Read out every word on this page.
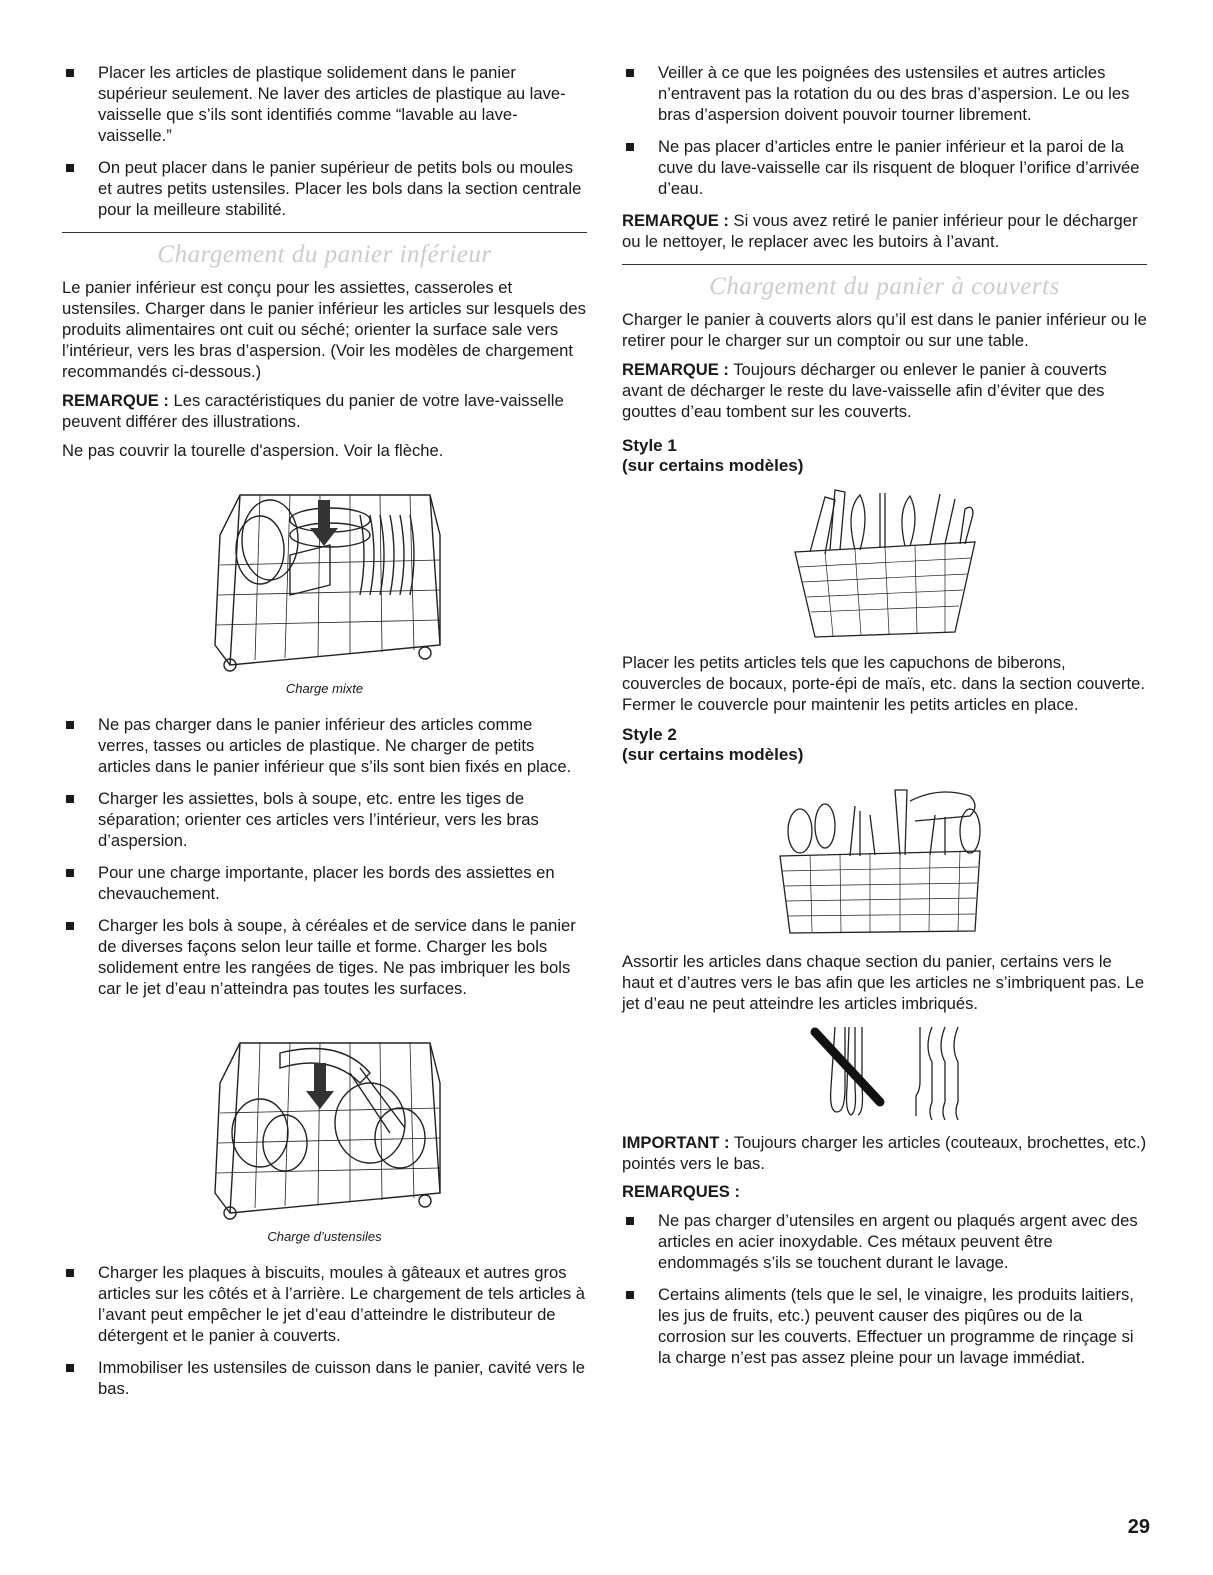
Placer les articles de plastique solidement dans le panier supérieur seulement. Ne laver des articles de plastique au lave-vaisselle que s’ils sont identifiés comme “lavable au lave-vaisselle.”
On peut placer dans le panier supérieur de petits bols ou moules et autres petits ustensiles. Placer les bols dans la section centrale pour la meilleure stabilité.
Chargement du panier inférieur

Le panier inférieur est conçu pour les assiettes, casseroles et ustensiles. Charger dans le panier inférieur les articles sur lesquels des produits alimentaires ont cuit ou séché; orienter la surface sale vers l’intérieur, vers les bras d’aspersion. (Voir les modèles de chargement recommandés ci-dessous.)

REMARQUE : Les caractéristiques du panier de votre lave-vaisselle peuvent différer des illustrations.

Ne pas couvrir la tourelle d'aspersion. Voir la flèche.

Charge mixte
Ne pas charger dans le panier inférieur des articles comme verres, tasses ou articles de plastique. Ne charger de petits articles dans le panier inférieur que s’ils sont bien fixés en place.
Charger les assiettes, bols à soupe, etc. entre les tiges de séparation; orienter ces articles vers l’intérieur, vers les bras d’aspersion.
Pour une charge importante, placer les bords des assiettes en chevauchement.
Charger les bols à soupe, à céréales et de service dans le panier de diverses façons selon leur taille et forme. Charger les bols solidement entre les rangées de tiges. Ne pas imbriquer les bols car le jet d’eau n’atteindra pas toutes les surfaces.
Charge d’ustensiles
Charger les plaques à biscuits, moules à gâteaux et autres gros articles sur les côtés et à l’arrière. Le chargement de tels articles à l’avant peut empêcher le jet d’eau d’atteindre le distributeur de détergent et le panier à couverts.
Immobiliser les ustensiles de cuisson dans le panier, cavité vers le bas.
Veiller à ce que les poignées des ustensiles et autres articles n’entravent pas la rotation du ou des bras d’aspersion. Le ou les bras d’aspersion doivent pouvoir tourner librement.
Ne pas placer d’articles entre le panier inférieur et la paroi de la cuve du lave-vaisselle car ils risquent de bloquer l’orifice d’arrivée d’eau.

REMARQUE : Si vous avez retiré le panier inférieur pour le décharger ou le nettoyer, le replacer avec les butoirs à l’avant.

Chargement du panier à couverts

Charger le panier à couverts alors qu’il est dans le panier inférieur ou le retirer pour le charger sur un comptoir ou sur une table.

REMARQUE : Toujours décharger ou enlever le panier à couverts avant de décharger le reste du lave-vaisselle afin d’éviter que des gouttes d’eau tombent sur les couverts.

Style 1
(sur certains modèles)

Placer les petits articles tels que les capuchons de biberons, couvercles de bocaux, porte-épi de maïs, etc. dans la section couverte. Fermer le couvercle pour maintenir les petits articles en place.

Style 2
(sur certains modèles)

Assortir les articles dans chaque section du panier, certains vers le haut et d’autres vers le bas afin que les articles ne s’imbriquent pas. Le jet d’eau ne peut atteindre les articles imbriqués.

IMPORTANT : Toujours charger les articles (couteaux, brochettes, etc.) pointés vers le bas.

REMARQUES :
Ne pas charger d’utensiles en argent ou plaqués argent avec des articles en acier inoxydable. Ces métaux peuvent être endommagés s’ils se touchent durant le lavage.
Certains aliments (tels que le sel, le vinaigre, les produits laitiers, les jus de fruits, etc.) peuvent causer des piqûres ou de la corrosion sur les couverts. Effectuer un programme de rinçage si la charge n’est pas assez pleine pour un lavage immédiat.
29
